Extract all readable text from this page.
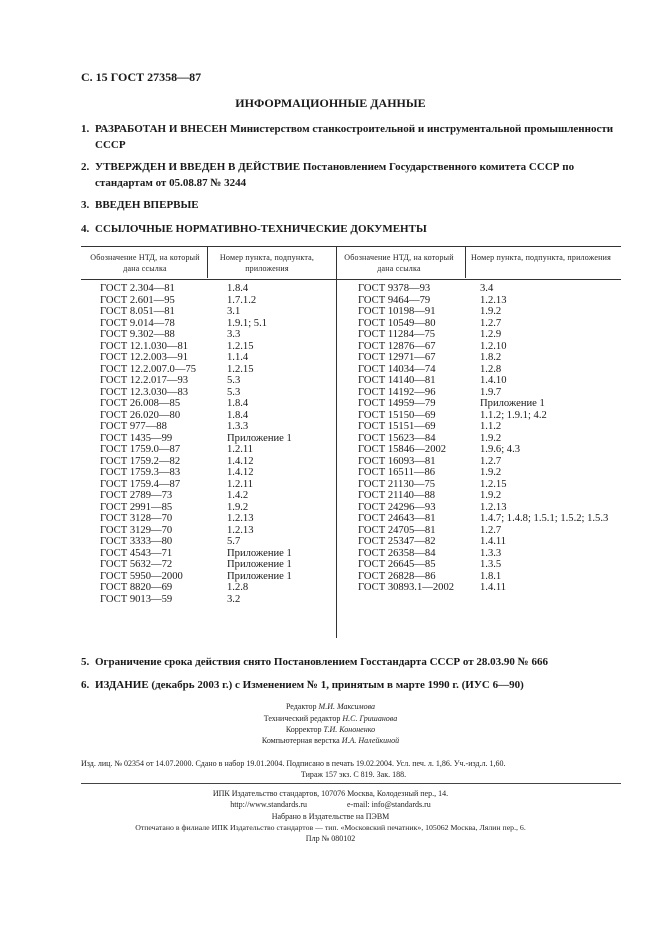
С. 15 ГОСТ 27358—87
ИНФОРМАЦИОННЫЕ ДАННЫЕ
1. РАЗРАБОТАН И ВНЕСЕН Министерством станкостроительной и инструментальной промышленности СССР
2. УТВЕРЖДЕН И ВВЕДЕН В ДЕЙСТВИЕ Постановлением Государственного комитета СССР по стандартам от 05.08.87 № 3244
3. ВВЕДЕН ВПЕРВЫЕ
4. ССЫЛОЧНЫЕ НОРМАТИВНО-ТЕХНИЧЕСКИЕ ДОКУМЕНТЫ
Обозначение НТД, на который дана ссылка
Номер пункта, подпункта, приложения
Обозначение НТД, на который дана ссылка
Номер пункта, подпункта, приложения
ГОСТ 2.304—81	1.8.4
ГОСТ 2.601—95	1.7.1.2
ГОСТ 8.051—81	3.1
ГОСТ 9.014—78	1.9.1; 5.1
ГОСТ 9.302—88	3.3
ГОСТ 12.1.030—81	1.2.15
ГОСТ 12.2.003—91	1.1.4
ГОСТ 12.2.007.0—75	1.2.15
ГОСТ 12.2.017—93	5.3
ГОСТ 12.3.030—83	5.3
ГОСТ 26.008—85	1.8.4
ГОСТ 26.020—80	1.8.4
ГОСТ 977—88	1.3.3
ГОСТ 1435—99	Приложение 1
ГОСТ 1759.0—87	1.2.11
ГОСТ 1759.2—82	1.4.12
ГОСТ 1759.3—83	1.4.12
ГОСТ 1759.4—87	1.2.11
ГОСТ 2789—73	1.4.2
ГОСТ 2991—85	1.9.2
ГОСТ 3128—70	1.2.13
ГОСТ 3129—70	1.2.13
ГОСТ 3333—80	5.7
ГОСТ 4543—71	Приложение 1
ГОСТ 5632—72	Приложение 1
ГОСТ 5950—2000	Приложение 1
ГОСТ 8820—69	1.2.8
ГОСТ 9013—59	3.2
ГОСТ 9378—93	3.4
ГОСТ 9464—79	1.2.13
ГОСТ 10198—91	1.9.2
ГОСТ 10549—80	1.2.7
ГОСТ 11284—75	1.2.9
ГОСТ 12876—67	1.2.10
ГОСТ 12971—67	1.8.2
ГОСТ 14034—74	1.2.8
ГОСТ 14140—81	1.4.10
ГОСТ 14192—96	1.9.7
ГОСТ 14959—79	Приложение 1
ГОСТ 15150—69	1.1.2; 1.9.1; 4.2
ГОСТ 15151—69	1.1.2
ГОСТ 15623—84	1.9.2
ГОСТ 15846—2002	1.9.6; 4.3
ГОСТ 16093—81	1.2.7
ГОСТ 16511—86	1.9.2
ГОСТ 21130—75	1.2.15
ГОСТ 21140—88	1.9.2
ГОСТ 24296—93	1.2.13
ГОСТ 24643—81	1.4.7; 1.4.8; 1.5.1; 1.5.2; 1.5.3
ГОСТ 24705—81	1.2.7
ГОСТ 25347—82	1.4.11
ГОСТ 26358—84	1.3.3
ГОСТ 26645—85	1.3.5
ГОСТ 26828—86	1.8.1
ГОСТ 30893.1—2002 1.4.11
5. Ограничение срока действия снято Постановлением Госстандарта СССР от 28.03.90 № 666
6. ИЗДАНИЕ (декабрь 2003 г.) с Изменением № 1, принятым в марте 1990 г. (ИУС 6—90)
Редактор М.И. Максимова
Технический редактор Н.С. Гришанова
Корректор Т.И. Кононенко
Компьютерная верстка И.А. Налейкиной
Изд. лиц. № 02354 от 14.07.2000. Сдано в набор 19.01.2004. Подписано в печать 19.02.2004. Усл. печ. л. 1,86. Уч.-изд.л. 1,60.
Тираж 157 экз. С 819. Зак. 188.
ИПК Издательство стандартов, 107076 Москва, Колодезный пер., 14.
http://www.standards.ru	e-mail: info@standards.ru
Набрано в Издательстве на ПЭВМ
Отпечатано в филиале ИПК Издательство стандартов — тип. «Московский печатник», 105062 Москва, Лялин пер., 6.
Плр № 080102
